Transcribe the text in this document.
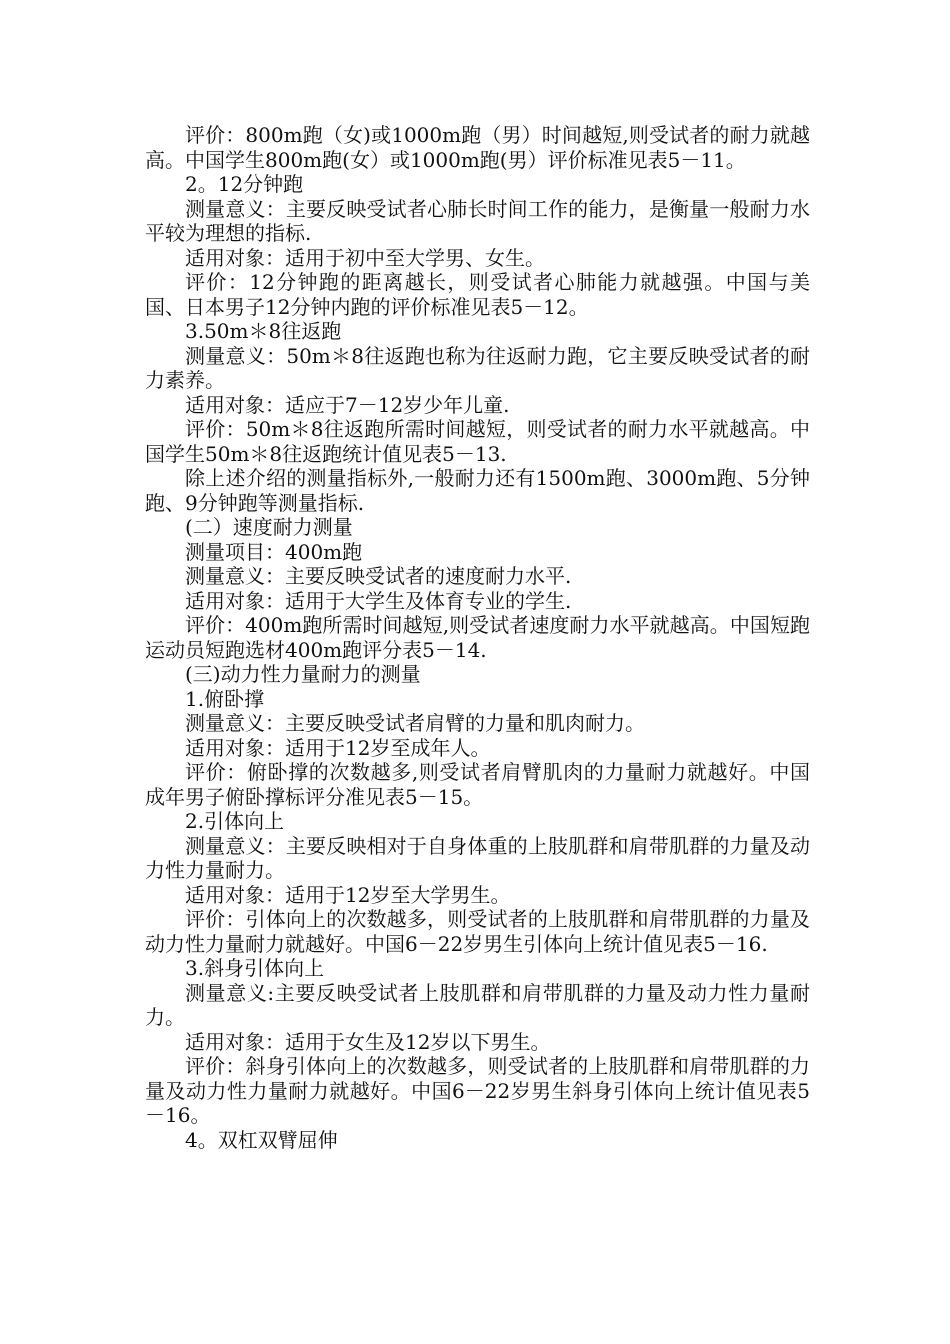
评价：800m跑（女)或1000m跑（男）时间越短,则受试者的耐力就越高。中国学生800m跑(女）或1000m跑(男）评价标准见表5－11。

2。12分钟跑

测量意义：主要反映受试者心肺长时间工作的能力，是衡量一般耐力水平较为理想的指标.

适用对象：适用于初中至大学男、女生。

评价：12分钟跑的距离越长，则受试者心肺能力就越强。中国与美国、日本男子12分钟内跑的评价标准见表5－12。

3.50m＊8往返跑

测量意义：50m＊8往返跑也称为往返耐力跑，它主要反映受试者的耐力素养。

适用对象：适应于7－12岁少年儿童.

评价：50m＊8往返跑所需时间越短，则受试者的耐力水平就越高。中国学生50m＊8往返跑统计值见表5－13.

除上述介绍的测量指标外,一般耐力还有1500m跑、3000m跑、5分钟跑、9分钟跑等测量指标.

(二）速度耐力测量

测量项目：400m跑

测量意义：主要反映受试者的速度耐力水平.

适用对象：适用于大学生及体育专业的学生.

评价：400m跑所需时间越短,则受试者速度耐力水平就越高。中国短跑运动员短跑选材400m跑评分表5－14.

(三)动力性力量耐力的测量

1.俯卧撑

测量意义：主要反映受试者肩臂的力量和肌肉耐力。

适用对象：适用于12岁至成年人。

评价：俯卧撑的次数越多,则受试者肩臂肌肉的力量耐力就越好。中国成年男子俯卧撑标评分准见表5－15。

2.引体向上

测量意义：主要反映相对于自身体重的上肢肌群和肩带肌群的力量及动力性力量耐力。

适用对象：适用于12岁至大学男生。

评价：引体向上的次数越多，则受试者的上肢肌群和肩带肌群的力量及动力性力量耐力就越好。中国6－22岁男生引体向上统计值见表5－16.

3.斜身引体向上

测量意义:主要反映受试者上肢肌群和肩带肌群的力量及动力性力量耐力。

适用对象：适用于女生及12岁以下男生。

评价：斜身引体向上的次数越多，则受试者的上肢肌群和肩带肌群的力量及动力性力量耐力就越好。中国6－22岁男生斜身引体向上统计值见表5－16。

4。双杠双臂屈伸
